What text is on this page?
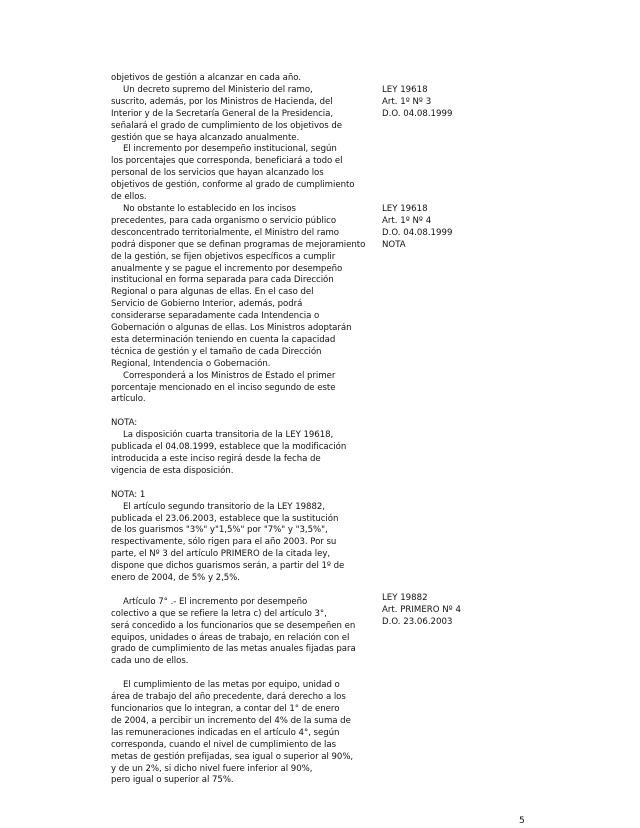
objetivos de gestión a alcanzar en cada año.
Un decreto supremo del Ministerio del ramo,
suscrito, además, por los Ministros de Hacienda, del
Interior y de la Secretaría General de la Presidencia,
señalará el grado de cumplimiento de los objetivos de
gestión que se haya alcanzado anualmente.
El incremento por desempeño institucional, según
los porcentajes que corresponda, beneficiará a todo el
personal de los servicios que hayan alcanzado los
objetivos de gestión, conforme al grado de cumplimiento
de ellos.
No obstante lo establecido en los incisos
precedentes, para cada organismo o servicio público
desconcentrado territorialmente, el Ministro del ramo
podrá disponer que se definan programas de mejoramiento
de la gestión, se fijen objetivos específicos a cumplir
anualmente y se pague el incremento por desempeño
institucional en forma separada para cada Dirección
Regional o para algunas de ellas. En el caso del
Servicio de Gobierno Interior, además, podrá
considerarse separadamente cada Intendencia o
Gobernación o algunas de ellas. Los Ministros adoptarán
esta determinación teniendo en cuenta la capacidad
técnica de gestión y el tamaño de cada Dirección
Regional, Intendencia o Gobernación.
Corresponderá a los Ministros de Estado el primer
porcentaje mencionado en el inciso segundo de este
artículo.
NOTA:
La disposición cuarta transitoria de la LEY 19618,
publicada el 04.08.1999, establece que la modificación
introducida a este inciso regirá desde la fecha de
vigencia de esta disposición.
NOTA: 1
El artículo segundo transitorio de la LEY 19882,
publicada el 23.06.2003, establece que la sustitución
de los guarismos "3%" y"1,5%" por "7%" y "3,5%",
respectivamente, sólo rigen para el año 2003. Por su
parte, el Nº 3 del artículo PRIMERO de la citada ley,
dispone que dichos guarismos serán, a partir del 1º de
enero de 2004, de 5% y 2,5%.
Artículo 7° .- El incremento por desempeño
colectivo a que se refiere la letra c) del artículo 3°,
será concedido a los funcionarios que se desempeñen en
equipos, unidades o áreas de trabajo, en relación con el
grado de cumplimiento de las metas anuales fijadas para
cada uno de ellos.
El cumplimiento de las metas por equipo, unidad o
área de trabajo del año precedente, dará derecho a los
funcionarios que lo integran, a contar del 1° de enero
de 2004, a percibir un incremento del 4% de la suma de
las remuneraciones indicadas en el artículo 4°, según
corresponda, cuando el nivel de cumplimiento de las
metas de gestión prefijadas, sea igual o superior al 90%,
y de un 2%, si dicho nivel fuere inferior al 90%,
pero igual o superior al 75%.
LEY 19618
Art. 1º Nº 3
D.O. 04.08.1999
LEY 19618
Art. 1º Nº 4
D.O. 04.08.1999
NOTA
LEY 19882
Art. PRIMERO Nº 4
D.O. 23.06.2003
5
